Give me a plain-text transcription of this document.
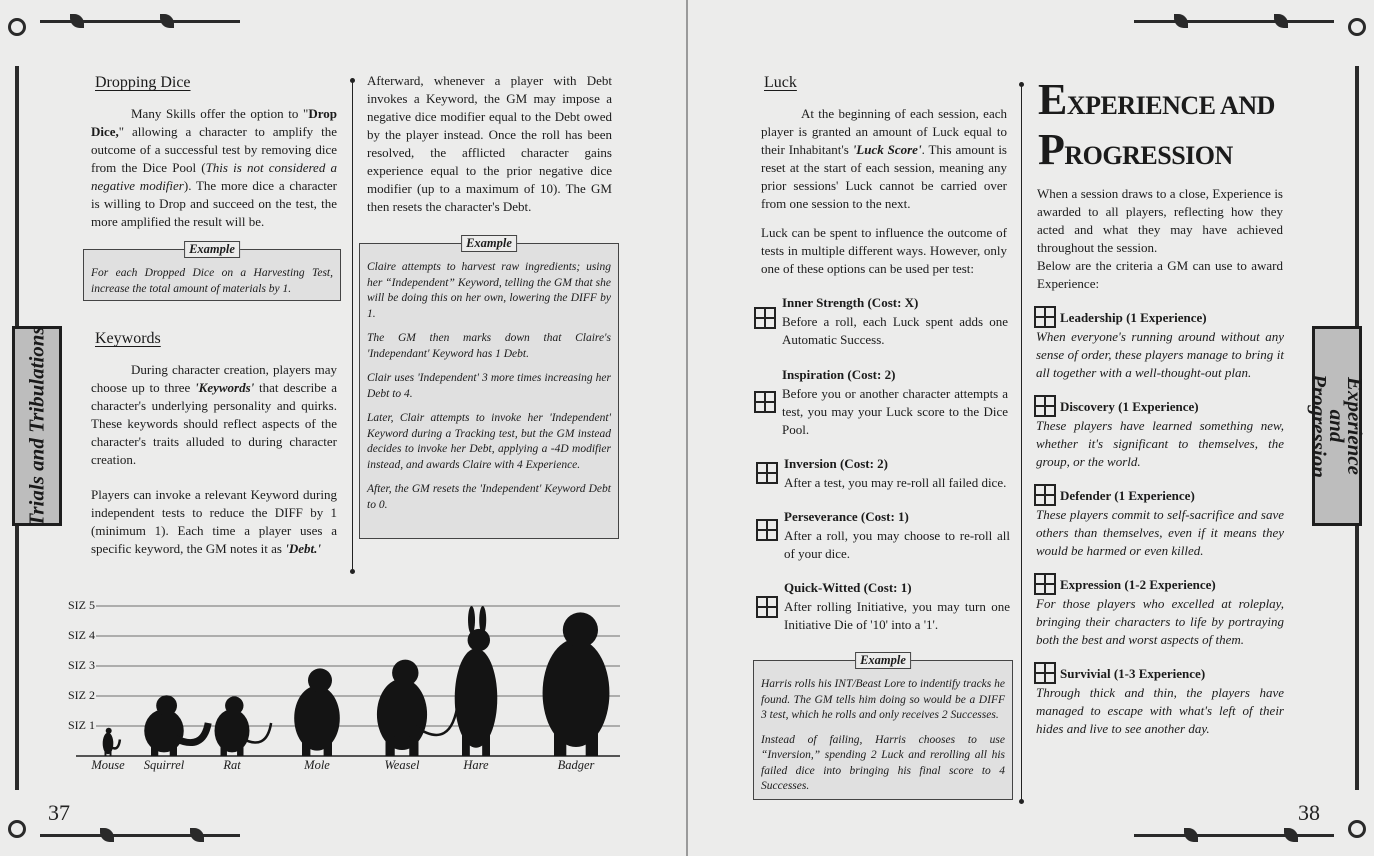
Trials and Tribulations
Dropping Dice
Many Skills offer the option to "Drop Dice," allowing a character to amplify the outcome of a successful test by removing dice from the Dice Pool (This is not considered a negative modifier). The more dice a character is willing to Drop and succeed on the test, the more amplified the result will be.
Example

For each Dropped Dice on a Harvesting Test, increase the total amount of materials by 1.

Keywords
During character creation, players may choose up to three 'Keywords' that describe a character's underlying personality and quirks. These keywords should reflect aspects of the character's traits alluded to during character creation.
Players can invoke a relevant Keyword during independent tests to reduce the DIFF by 1 (minimum 1). Each time a player uses a specific keyword, the GM notes it as 'Debt.'
Afterward, whenever a player with Debt invokes a Keyword, the GM may impose a negative dice modifier equal to the Debt owed by the player instead. Once the roll has been resolved, the afflicted character gains experience equal to the prior negative dice modifier (up to a maximum of 10). The GM then resets the character's Debt.
Example

Claire attempts to harvest raw ingredients; using her “Independent” Keyword, telling the GM that she will be doing this on her own, lowering the DIFF by 1.

The GM then marks down that Claire's 'Independant' Keyword has 1 Debt.

Clair uses 'Independent' 3 more times increasing her Debt to 4.

Later, Clair attempts to invoke her 'Independent' Keyword during a Tracking test, but the GM instead decides to invoke her Debt, applying a -4D modifier instead, and awards Claire with 4 Experience.

After, the GM resets the 'Independent' Keyword Debt to 0.

SIZ 1
SIZ 2
SIZ 3
SIZ 4
SIZ 5
Mouse Squirrel	Rat	Mole	Weasel	Hare	Badger
37
Experience and Progression
Luck
At the beginning of each session, each player is granted an amount of Luck equal to their Inhabitant's 'Luck Score'. This amount is reset at the start of each session, meaning any prior sessions' Luck cannot be carried over from one session to the next.
Luck can be spent to influence the outcome of tests in multiple different ways. However, only one of these options can be used per test:
Inner Strength (Cost: X)
Before a roll, each Luck spent adds one Automatic Success.
Inspiration (Cost: 2)
Before you or another character attempts a test, you may your Luck score to the Dice Pool.
Inversion (Cost: 2)
After a test, you may re-roll all failed dice.
Perseverance (Cost: 1)
After a roll, you may choose to re-roll all of your dice.
Quick-Witted (Cost: 1)
After rolling Initiative, you may turn one Initiative Die of '10' into a '1'.
Example

Harris rolls his INT/Beast Lore to indentify tracks he found. The GM tells him doing so would be a DIFF 3 test, which he rolls and only receives 2 Successes.

Instead of failing, Harris chooses to use “Inversion,” spending 2 Luck and rerolling all his failed dice into bringing his final score to 4 Successes.

EXPERIENCE AND
PROGRESSION

When a session draws to a close, Experience is awarded to all players, reflecting how they acted and what they may have achieved throughout the session.

Below are the criteria a GM can use to award Experience:

Leadership (1 Experience)
When everyone's running around without any sense of order, these players manage to bring it all together with a well-thought-out plan.
Discovery (1 Experience)
These players have learned something new, whether it's significant to themselves, the group, or the world.
Defender (1 Experience)
These players commit to self-sacrifice and save others than themselves, even if it means they would be harmed or even killed.
Expression (1-2 Experience)
For those players who excelled at roleplay, bringing their characters to life by portraying both the best and worst aspects of them.
Survivial (1-3 Experience)
Through thick and thin, the players have managed to escape with what's left of their hides and live to see another day.
38
